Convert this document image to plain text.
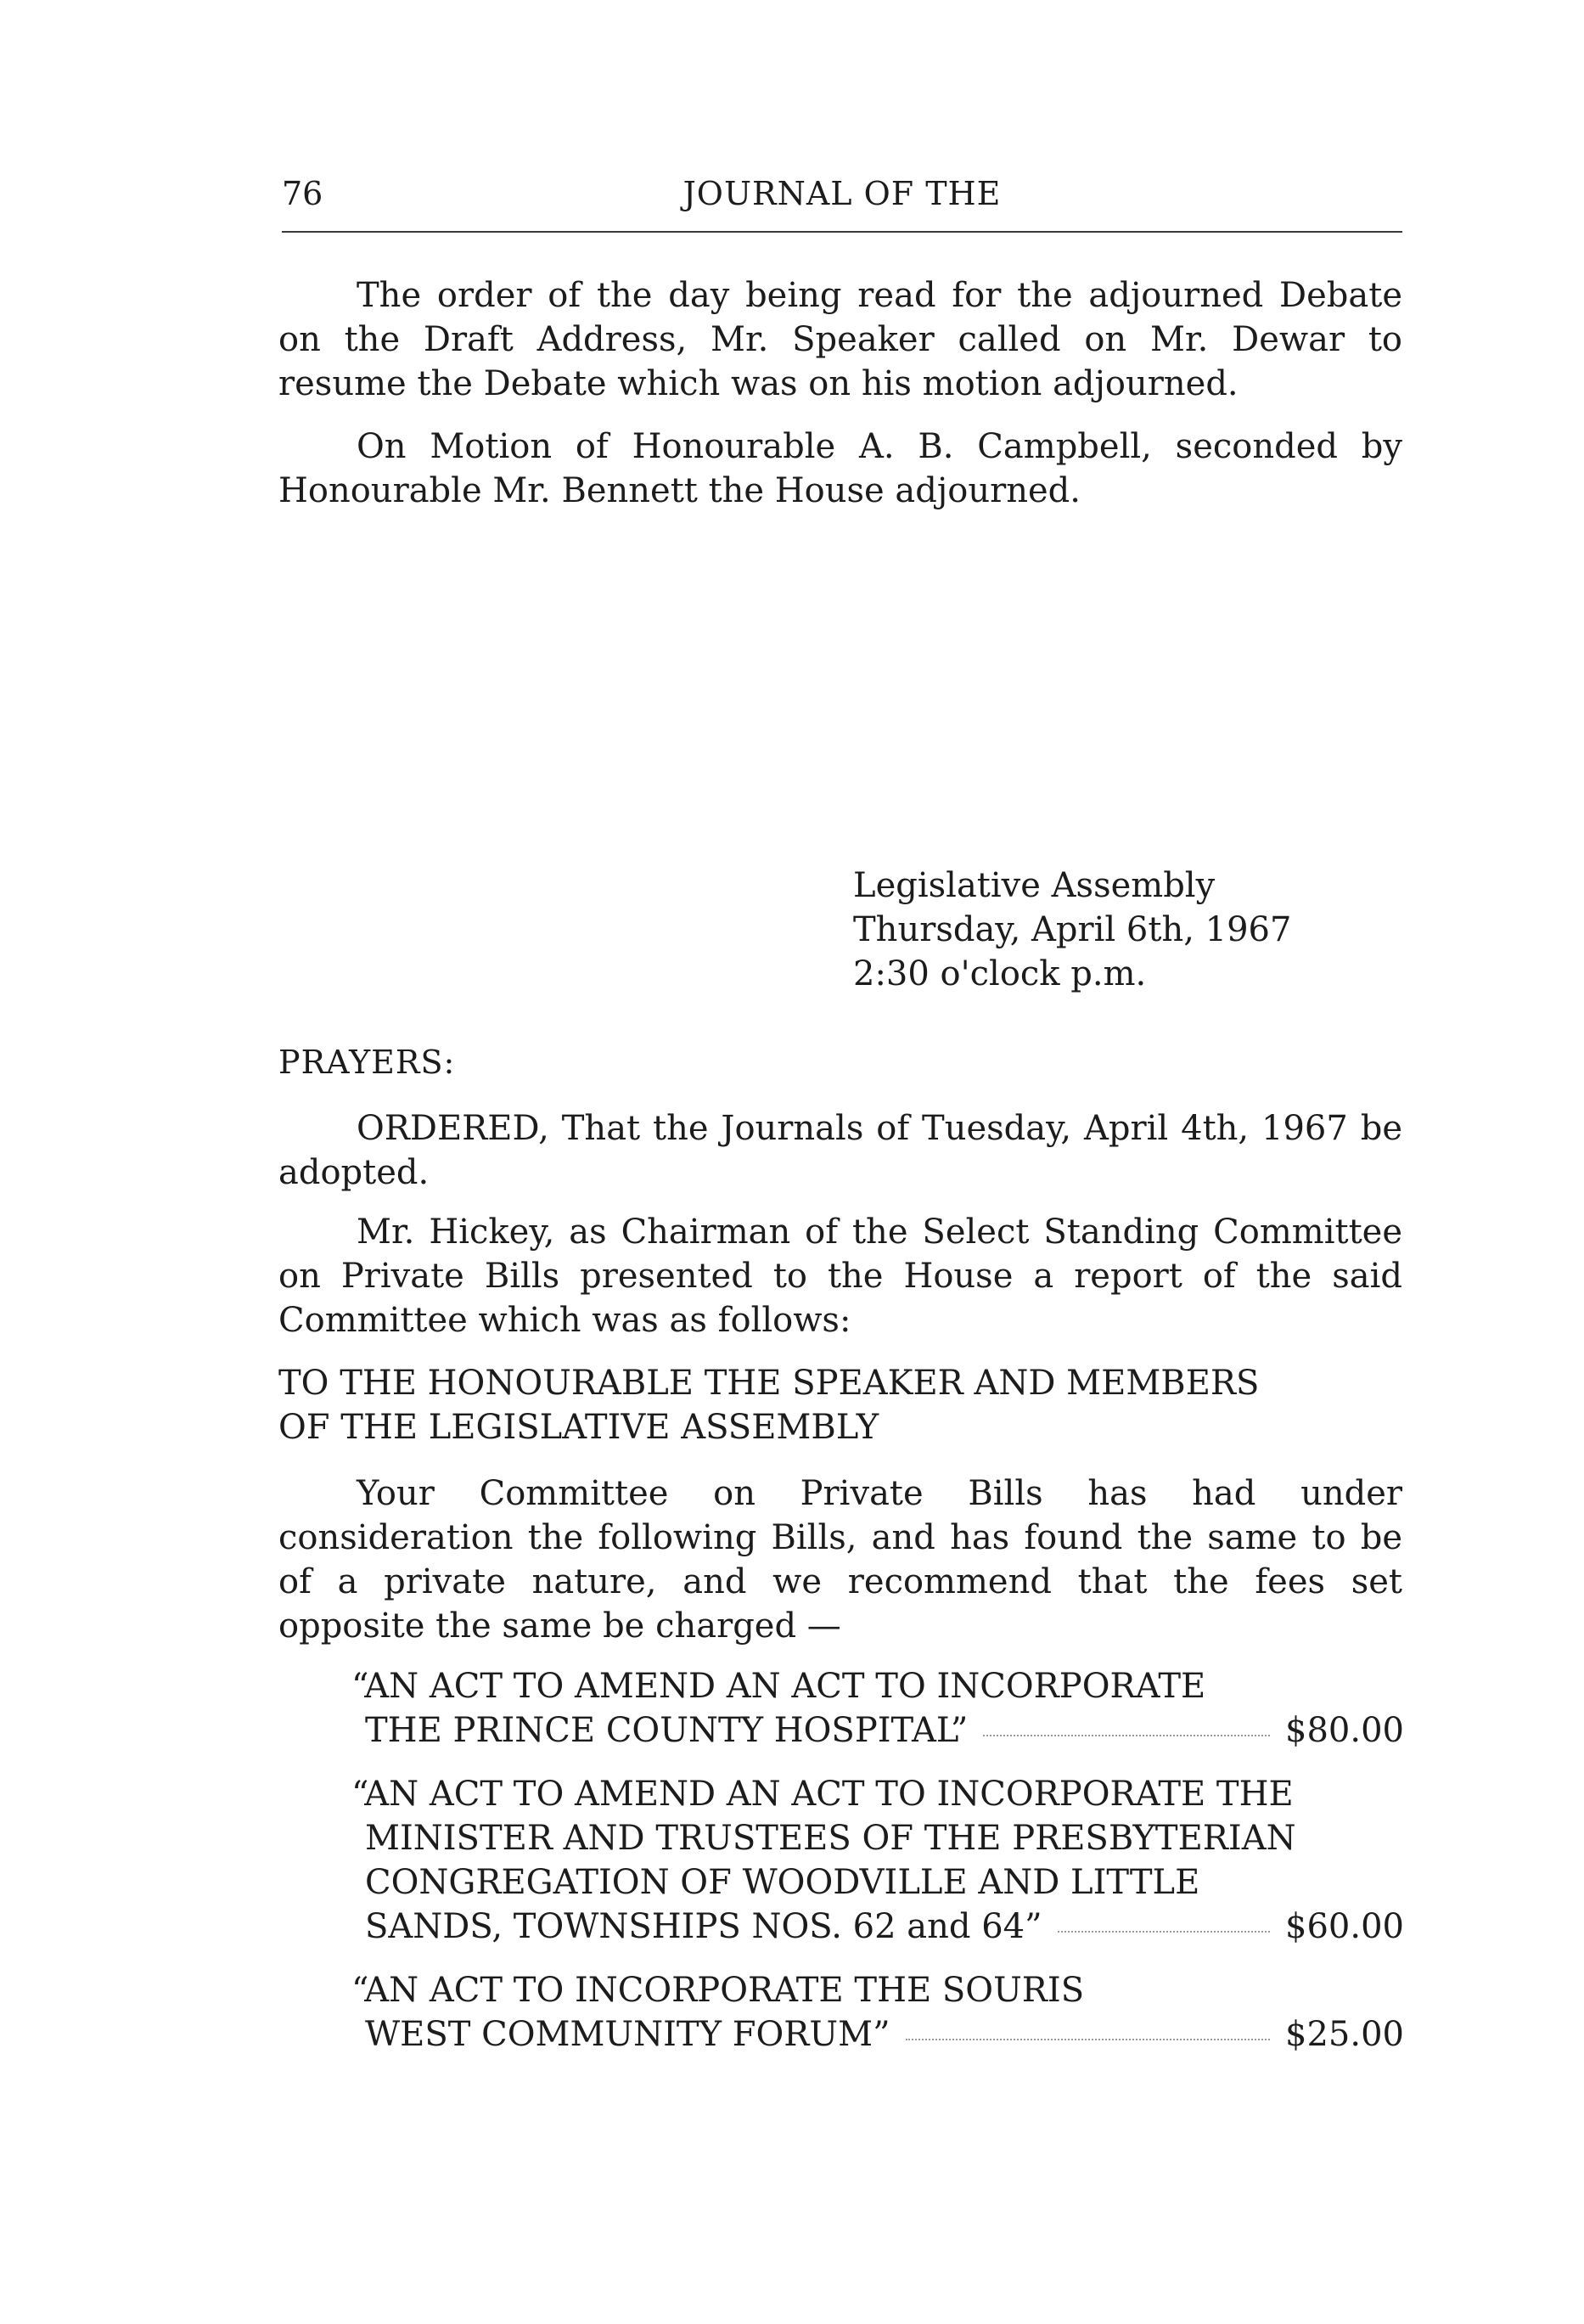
76	JOURNAL OF THE

The order of the day being read for the adjourned Debate on the Draft Address, Mr. Speaker called on Mr. Dewar to resume the Debate which was on his motion adjourned.

On Motion of Honourable A. B. Campbell, seconded by Honourable Mr. Bennett the House adjourned.

Legislative Assembly
Thursday, April 6th, 1967
2:30 o'clock p.m.
PRAYERS:

ORDERED, That the Journals of Tuesday, April 4th, 1967 be adopted.

Mr. Hickey, as Chairman of the Select Standing Committee on Private Bills presented to the House a report of the said Committee which was as follows:

TO THE HONOURABLE THE SPEAKER AND MEMBERS
OF THE LEGISLATIVE ASSEMBLY

Your Committee on Private Bills has had under consideration the following Bills, and has found the same to be of a private nature, and we recommend that the fees set opposite the same be charged —

“AN ACT TO AMEND AN ACT TO INCORPORATE
THE PRINCE COUNTY HOSPITAL”	$80.00
“AN ACT TO AMEND AN ACT TO INCORPORATE THE
MINISTER AND TRUSTEES OF THE PRESBYTERIAN
CONGREGATION OF WOODVILLE AND LITTLE
SANDS, TOWNSHIPS NOS. 62 and 64”	$60.00
“AN ACT TO INCORPORATE THE SOURIS
WEST COMMUNITY FORUM”	$25.00
